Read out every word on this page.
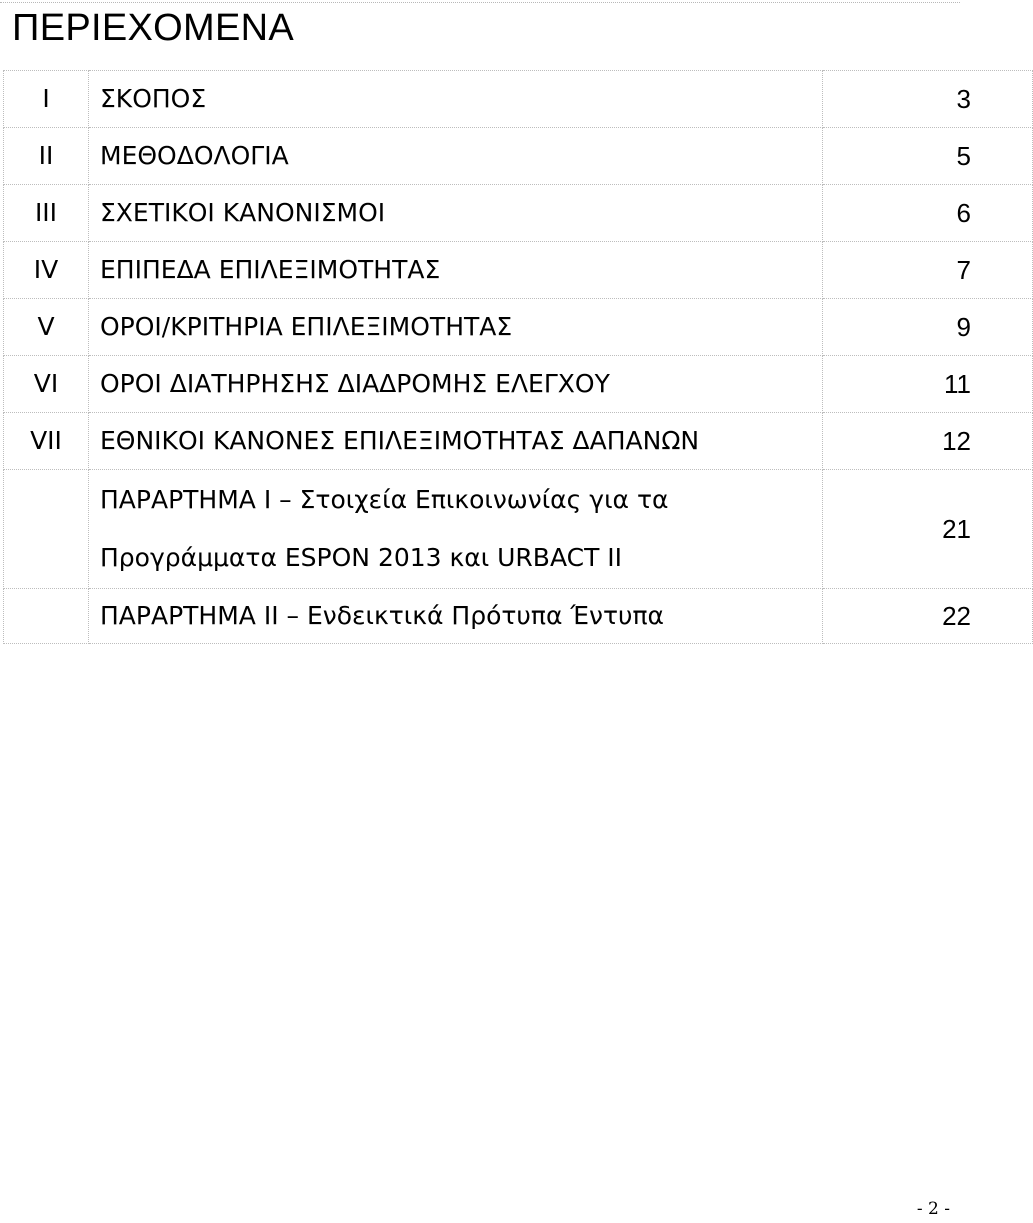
ΠΕΡΙΕΧΟΜΕΝΑ
I	ΣΚΟΠΟΣ	3
II	ΜΕΘΟΔΟΛΟΓΙΑ	5
III	ΣΧΕΤΙΚΟΙ ΚΑΝΟΝΙΣΜΟΙ	6
IV	ΕΠΙΠΕΔΑ ΕΠΙΛΕΞΙΜΟΤΗΤΑΣ	7
V	ΟΡΟΙ/ΚΡΙΤΗΡΙΑ ΕΠΙΛΕΞΙΜΟΤΗΤΑΣ	9
VI	ΟΡΟΙ ΔΙΑΤΗΡΗΣΗΣ ΔΙΑΔΡΟΜΗΣ ΕΛΕΓΧΟΥ	11
VII	ΕΘΝΙΚΟΙ ΚΑΝΟΝΕΣ ΕΠΙΛΕΞΙΜΟΤΗΤΑΣ ΔΑΠΑΝΩΝ	12

	ΠΑΡΑΡΤΗΜΑ Ι – Στοιχεία Επικοινωνίας για τα
Προγράμματα ESPON 2013 και URBACT II	21
	ΠΑΡΑΡΤΗΜΑ ΙΙ – Ενδεικτικά Πρότυπα Έντυπα	22
- 2 -
